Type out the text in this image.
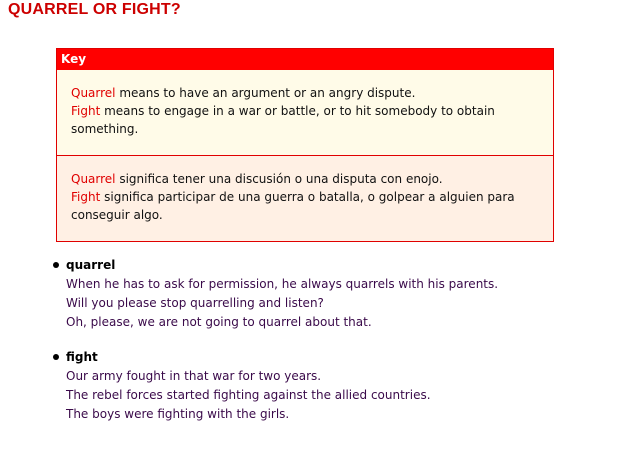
QUARREL OR FIGHT?
Key
Quarrel means to have an argument or an angry dispute.
Fight means to engage in a war or battle, or to hit somebody to obtain something.
Quarrel significa tener una discusión o una disputa con enojo.
Fight significa participar de una guerra o batalla, o golpear a alguien para conseguir algo.
quarrel
When he has to ask for permission, he always quarrels with his parents.
Will you please stop quarrelling and listen?
Oh, please, we are not going to quarrel about that.
fight
Our army fought in that war for two years.
The rebel forces started fighting against the allied countries.
The boys were fighting with the girls.
